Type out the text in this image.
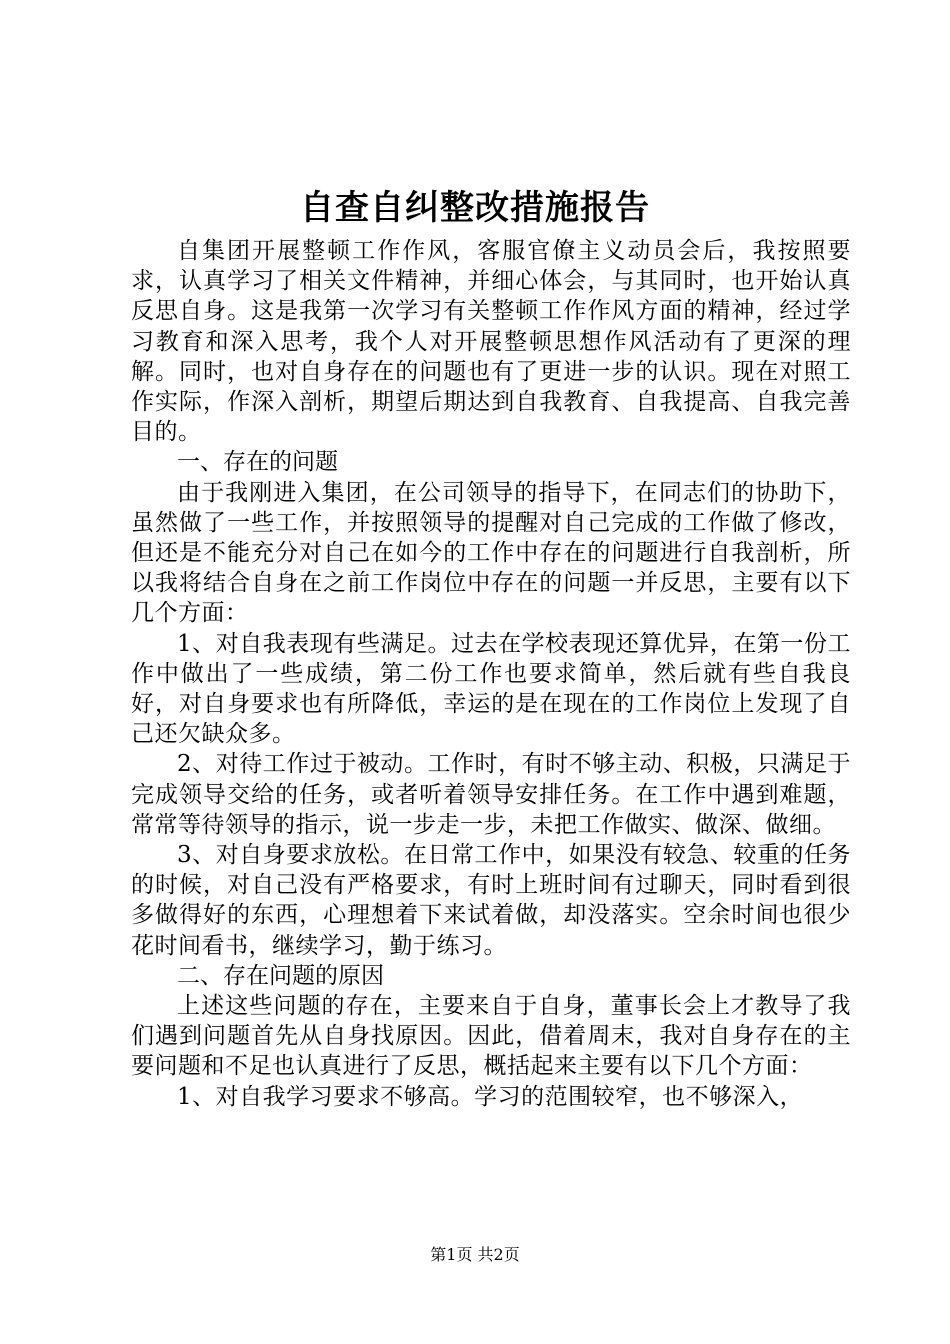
自查自纠整改措施报告

自集团开展整顿工作作风，客服官僚主义动员会后，我按照要求，认真学习了相关文件精神，并细心体会，与其同时，也开始认真反思自身。这是我第一次学习有关整顿工作作风方面的精神，经过学习教育和深入思考，我个人对开展整顿思想作风活动有了更深的理解。同时，也对自身存在的问题也有了更进一步的认识。现在对照工作实际，作深入剖析，期望后期达到自我教育、自我提高、自我完善目的。

一、存在的问题

由于我刚进入集团，在公司领导的指导下，在同志们的协助下，虽然做了一些工作，并按照领导的提醒对自己完成的工作做了修改，但还是不能充分对自己在如今的工作中存在的问题进行自我剖析，所以我将结合自身在之前工作岗位中存在的问题一并反思，主要有以下几个方面：

1、对自我表现有些满足。过去在学校表现还算优异，在第一份工作中做出了一些成绩，第二份工作也要求简单，然后就有些自我良好，对自身要求也有所降低，幸运的是在现在的工作岗位上发现了自己还欠缺众多。

2、对待工作过于被动。工作时，有时不够主动、积极，只满足于完成领导交给的任务，或者听着领导安排任务。在工作中遇到难题，常常等待领导的指示，说一步走一步，未把工作做实、做深、做细。

3、对自身要求放松。在日常工作中，如果没有较急、较重的任务的时候，对自己没有严格要求，有时上班时间有过聊天，同时看到很多做得好的东西，心理想着下来试着做，却没落实。空余时间也很少花时间看书，继续学习，勤于练习。

二、存在问题的原因

上述这些问题的存在，主要来自于自身，董事长会上才教导了我们遇到问题首先从自身找原因。因此，借着周末，我对自身存在的主要问题和不足也认真进行了反思，概括起来主要有以下几个方面：

1、对自我学习要求不够高。学习的范围较窄，也不够深入，

第1页 共2页
